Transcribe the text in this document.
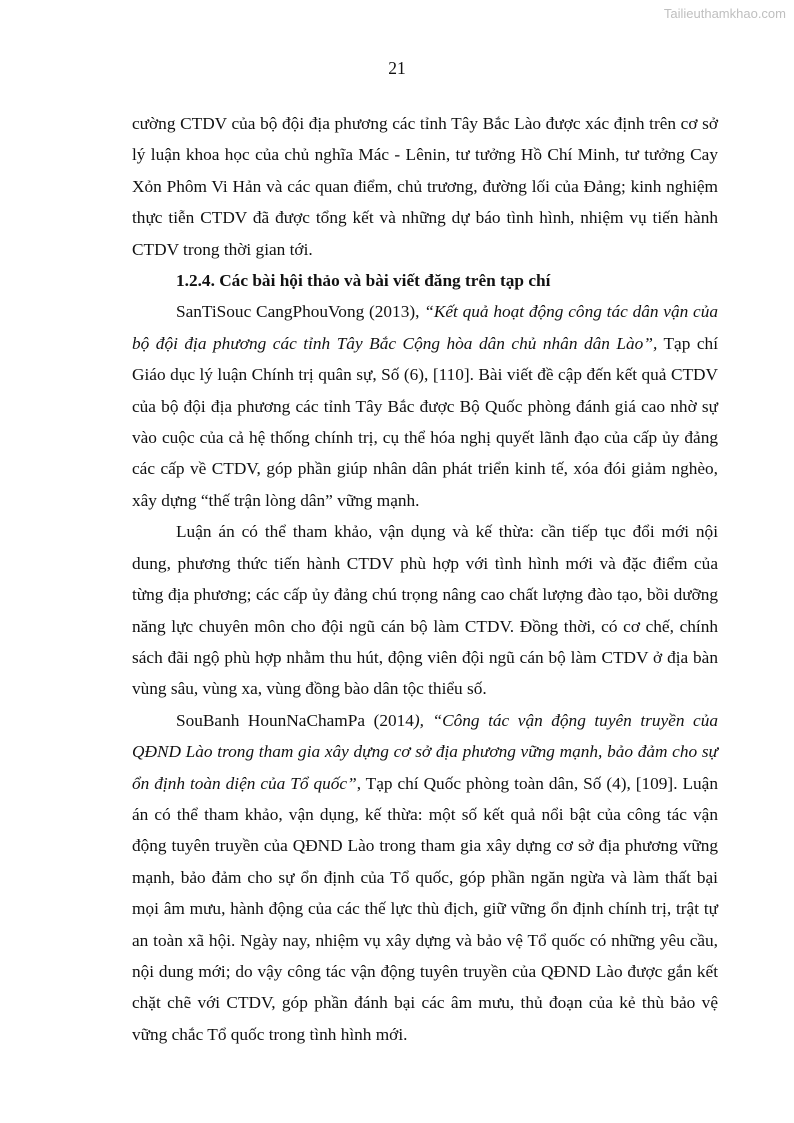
Tailieuthamkhao.com
21

cường CTDV của bộ đội địa phương các tỉnh Tây Bắc Lào được xác định trên cơ sở lý luận khoa học của chủ nghĩa Mác - Lênin, tư tưởng Hồ Chí Minh, tư tưởng Cay Xỏn Phôm Vi Hản và các quan điểm, chủ trương, đường lối của Đảng; kinh nghiệm thực tiễn CTDV đã được tổng kết và những dự báo tình hình, nhiệm vụ tiến hành CTDV trong thời gian tới.

1.2.4. Các bài hội thảo và bài viết đăng trên tạp chí

SanTiSouc CangPhouVong (2013), “Kết quả hoạt động công tác dân vận của bộ đội địa phương các tỉnh Tây Bắc Cộng hòa dân chủ nhân dân Lào”, Tạp chí Giáo dục lý luận Chính trị quân sự, Số (6), [110]. Bài viết đề cập đến kết quả CTDV của bộ đội địa phương các tỉnh Tây Bắc được Bộ Quốc phòng đánh giá cao nhờ sự vào cuộc của cả hệ thống chính trị, cụ thể hóa nghị quyết lãnh đạo của cấp ủy đảng các cấp về CTDV, góp phần giúp nhân dân phát triển kinh tế, xóa đói giảm nghèo, xây dựng “thế trận lòng dân” vững mạnh.

Luận án có thể tham khảo, vận dụng và kế thừa: cần tiếp tục đổi mới nội dung, phương thức tiến hành CTDV phù hợp với tình hình mới và đặc điểm của từng địa phương; các cấp ủy đảng chú trọng nâng cao chất lượng đào tạo, bồi dưỡng năng lực chuyên môn cho đội ngũ cán bộ làm CTDV. Đồng thời, có cơ chế, chính sách đãi ngộ phù hợp nhằm thu hút, động viên đội ngũ cán bộ làm CTDV ở địa bàn vùng sâu, vùng xa, vùng đồng bào dân tộc thiểu số.

SouBanh HounNaChamPa (2014), “Công tác vận động tuyên truyền của QĐND Lào trong tham gia xây dựng cơ sở địa phương vững mạnh, bảo đảm cho sự ổn định toàn diện của Tổ quốc”, Tạp chí Quốc phòng toàn dân, Số (4), [109]. Luận án có thể tham khảo, vận dụng, kế thừa: một số kết quả nổi bật của công tác vận động tuyên truyền của QĐND Lào trong tham gia xây dựng cơ sở địa phương vững mạnh, bảo đảm cho sự ổn định của Tổ quốc, góp phần ngăn ngừa và làm thất bại mọi âm mưu, hành động của các thế lực thù địch, giữ vững ổn định chính trị, trật tự an toàn xã hội. Ngày nay, nhiệm vụ xây dựng và bảo vệ Tổ quốc có những yêu cầu, nội dung mới; do vậy công tác vận động tuyên truyền của QĐND Lào được gắn kết chặt chẽ với CTDV, góp phần đánh bại các âm mưu, thủ đoạn của kẻ thù bảo vệ vững chắc Tổ quốc trong tình hình mới.
